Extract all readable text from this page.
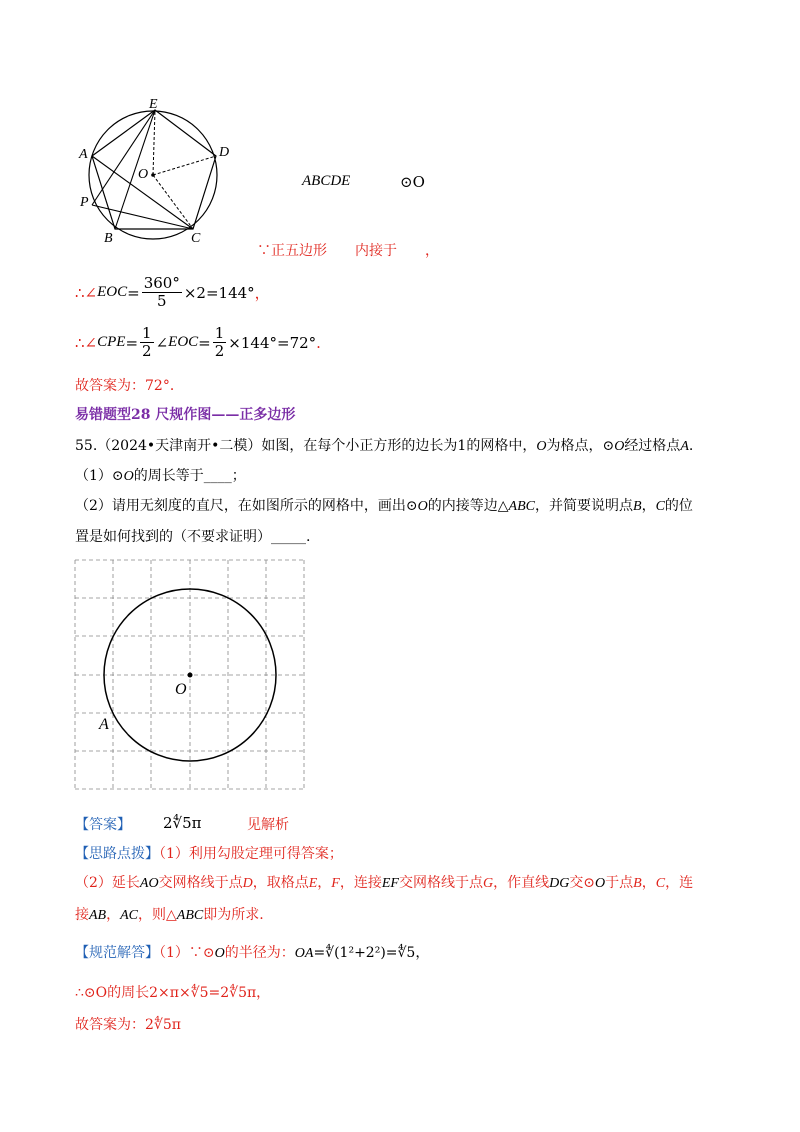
E
A	D
O
P
B	C
ABCDE	⊙O
∵正五边形 内接于 ，
∴∠ EOC = $\frac{360^\circ}{5} \times 2=144^\circ$ ，
∴∠ CPE = $\frac{1}{2}$ ∠ EOC = $\frac{1}{2} \times 144^\circ=72^\circ$ .
故答案为：72°．
易错题型28 尺规作图——正多边形
55.（2024•天津南开•二模）如图，在每个小正方形的边长为1的网格中，O为格点，⊙O经过格点A.
（1）⊙O的周长等于____；
（2）请用无刻度的直尺，在如图所示的网格中，画出⊙O的内接等边△ABC，并简要说明点B，C的位
置是如何找到的（不要求证明）_____.
O
A
【答案】 2∜5π	见解析
【思路点拨】（1）利用勾股定理可得答案；
（2）延长AO交网格线于点D，取格点E，F，连接EF交网格线于点G，作直线DG交⊙O于点B，C，连
接AB，AC，则△ABC即为所求.
【规范解答】（1）∵⊙O的半径为：OA=∜(1²+2²)=∜5，
∴⊙O的周长2×π×∜5=2∜5π，
故答案为：2∜5π
